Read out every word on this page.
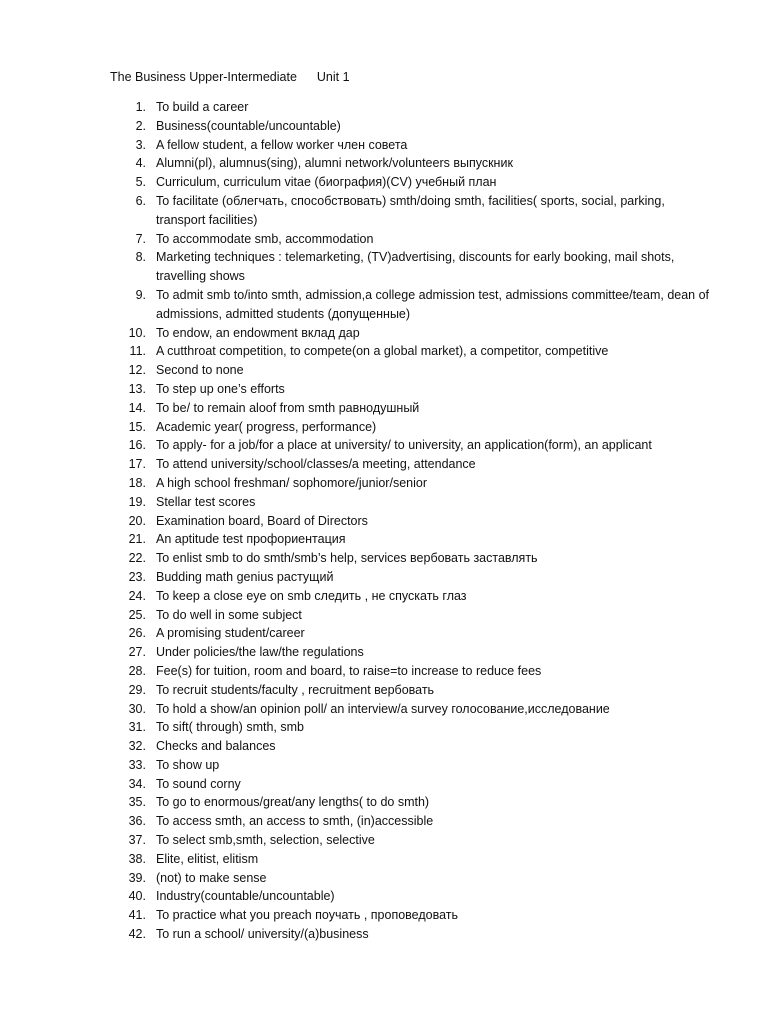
The Business Upper-Intermediate Unit 1
1. To build a career
2. Business(countable/uncountable)
3. A fellow student, a fellow worker член совета
4. Alumni(pl), alumnus(sing), alumni network/volunteers выпускник
5. Curriculum, curriculum vitae (биография)(CV) учебный план
6. To facilitate (облегчать, способствовать) smth/doing smth, facilities( sports, social, parking, transport facilities)
7. To accommodate smb, accommodation
8. Marketing techniques : telemarketing, (TV)advertising, discounts for early booking, mail shots, travelling shows
9. To admit smb to/into smth, admission,a college admission test, admissions committee/team, dean of admissions, admitted students (допущенные)
10. To endow, an endowment вклад дар
11. A cutthroat competition, to compete(on a global market), a competitor, competitive
12. Second to none
13. To step up one’s efforts
14. To be/ to remain aloof from smth равнодушный
15. Academic year( progress, performance)
16. To apply- for a job/for a place at university/ to university, an application(form), an applicant
17. To attend university/school/classes/a meeting, attendance
18. A high school freshman/ sophomore/junior/senior
19. Stellar test scores
20. Examination board, Board of Directors
21. An aptitude test профориентация
22. To enlist smb to do smth/smb’s help, services вербовать заставлять
23. Budding math genius растущий
24. To keep a close eye on smb следить , не спускать глаз
25. To do well in some subject
26. A promising student/career
27. Under policies/the law/the regulations
28. Fee(s) for tuition, room and board, to raise=to increase to reduce fees
29. To recruit students/faculty , recruitment вербовать
30. To hold a show/an opinion poll/ an interview/a survey голосование,исследование
31. To sift( through) smth, smb
32. Checks and balances
33. To show up
34. To sound corny
35. To go to enormous/great/any lengths( to do smth)
36. To access smth, an access to smth, (in)accessible
37. To select smb,smth, selection, selective
38. Elite, elitist, elitism
39. (not) to make sense
40. Industry(countable/uncountable)
41. To practice what you preach поучать , проповедовать
42. To run a school/ university/(a)business
